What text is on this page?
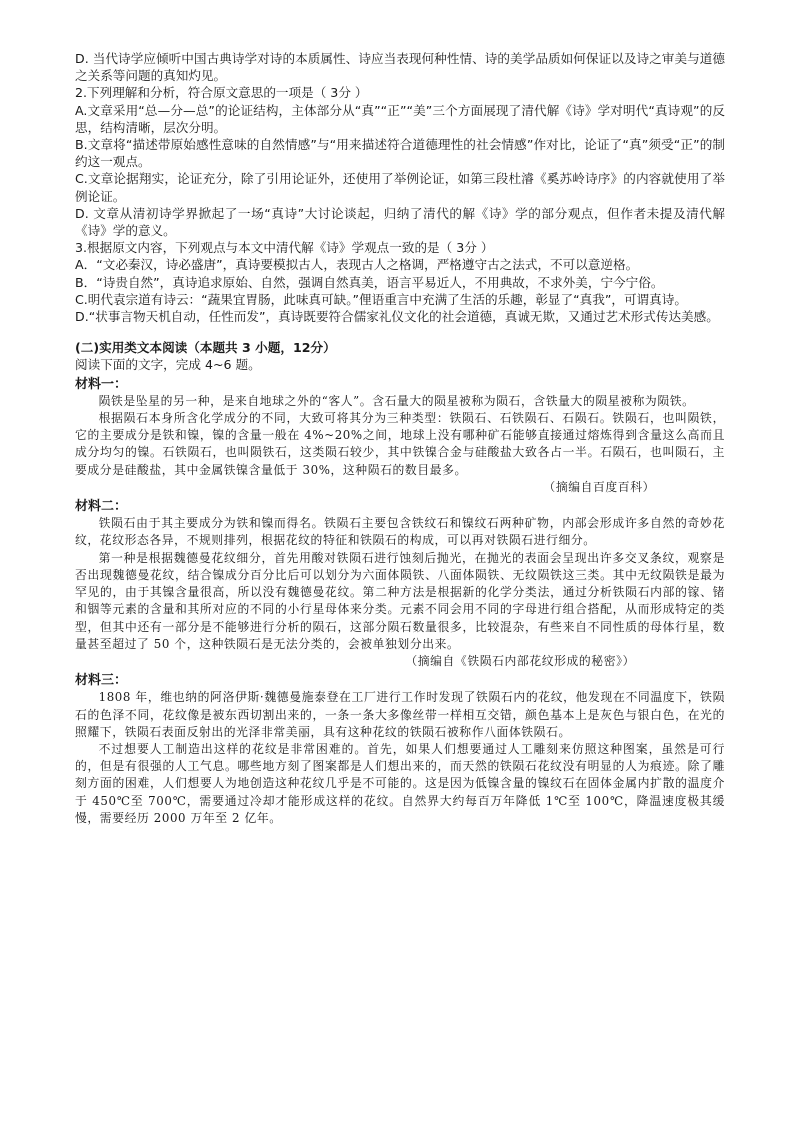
D. 当代诗学应倾听中国古典诗学对诗的本质属性、诗应当表现何种性情、诗的美学品质如何保证以及诗之审美与道德之关系等问题的真知灼见。

2.下列理解和分析，符合原文意思的一项是（ 3分 ）

A.文章采用“总—分—总”的论证结构，主体部分从“真”“正”“美”三个方面展现了清代解《诗》学对明代“真诗观”的反思，结构清晰，层次分明。

B.文章将“描述带原始感性意味的自然情感”与“用来描述符合道德理性的社会情感”作对比，论证了“真”须受“正”的制约这一观点。

C.文章论据翔实，论证充分，除了引用论证外，还使用了举例论证，如第三段杜濬《奚苏岭诗序》的内容就使用了举例论证。

D. 文章从清初诗学界掀起了一场“真诗”大讨论谈起，归纳了清代的解《诗》学的部分观点，但作者未提及清代解《诗》学的意义。

3.根据原文内容，下列观点与本文中清代解《诗》学观点一致的是（ 3分 ）

A．“文必秦汉，诗必盛唐”，真诗要模拟古人，表现古人之格调，严格遵守古之法式，不可以意逆格。

B．“诗贵自然”，真诗追求原始、自然，强调自然真美，语言平易近人，不用典故，不求外美，宁今宁俗。

C.明代袁宗道有诗云：“蔬果宜胃肠，此味真可缺。”俚语重言中充满了生活的乐趣，彰显了“真我”，可谓真诗。

D.“状事言物天机自动，任性而发”，真诗既要符合儒家礼仪文化的社会道德，真诚无欺，又通过艺术形式传达美感。

(二)实用类文本阅读（本题共 3 小题，12分）

阅读下面的文字，完成 4~6 题。

材料一：

陨铁是坠星的另一种，是来自地球之外的“客人”。含石量大的陨星被称为陨石，含铁量大的陨星被称为陨铁。

根据陨石本身所含化学成分的不同，大致可将其分为三种类型：铁陨石、石铁陨石、石陨石。铁陨石，也叫陨铁，它的主要成分是铁和镍，镍的含量一般在 4%~20%之间，地球上没有哪种矿石能够直接通过熔炼得到含量这么高而且成分均匀的镍。石铁陨石，也叫陨铁石，这类陨石较少，其中铁镍合金与硅酸盐大致各占一半。石陨石，也叫陨石，主要成分是硅酸盐，其中金属铁镍含量低于 30%，这种陨石的数目最多。

（摘编自百度百科）

材料二：

铁陨石由于其主要成分为铁和镍而得名。铁陨石主要包含铁纹石和镍纹石两种矿物，内部会形成许多自然的奇妙花纹，花纹形态各异，不规则排列，根据花纹的特征和铁陨石的构成，可以再对铁陨石进行细分。

第一种是根据魏德曼花纹细分，首先用酸对铁陨石进行蚀刻后抛光，在抛光的表面会呈现出许多交叉条纹，观察是否出现魏德曼花纹，结合镍成分百分比后可以划分为六面体陨铁、八面体陨铁、无纹陨铁这三类。其中无纹陨铁是最为罕见的，由于其镍含量很高，所以没有魏德曼花纹。第二种方法是根据新的化学分类法，通过分析铁陨石内部的镓、锗和铟等元素的含量和其所对应的不同的小行星母体来分类。元素不同会用不同的字母进行组合搭配，从而形成特定的类型，但其中还有一部分是不能够进行分析的陨石，这部分陨石数量很多，比较混杂，有些来自不同性质的母体行星，数量甚至超过了 50 个，这种铁陨石是无法分类的，会被单独划分出来。

（摘编自《铁陨石内部花纹形成的秘密》）

材料三：

1808 年，维也纳的阿洛伊斯·魏德曼施泰登在工厂进行工作时发现了铁陨石内的花纹，他发现在不同温度下，铁陨石的色泽不同，花纹像是被东西切割出来的，一条一条大多像丝带一样相互交错，颜色基本上是灰色与银白色，在光的照耀下，铁陨石表面反射出的光泽非常美丽，具有这种花纹的铁陨石被称作八面体铁陨石。

不过想要人工制造出这样的花纹是非常困难的。首先，如果人们想要通过人工雕刻来仿照这种图案，虽然是可行的，但是有很强的人工气息。哪些地方刻了图案都是人们想出来的，而天然的铁陨石花纹没有明显的人为痕迹。除了雕刻方面的困难，人们想要人为地创造这种花纹几乎是不可能的。这是因为低镍含量的镍纹石在固体金属内扩散的温度介于 450℃至 700℃，需要通过冷却才能形成这样的花纹。自然界大约每百万年降低 1℃至 100℃，降温速度极其缓慢，需要经历 2000 万年至 2 亿年。
